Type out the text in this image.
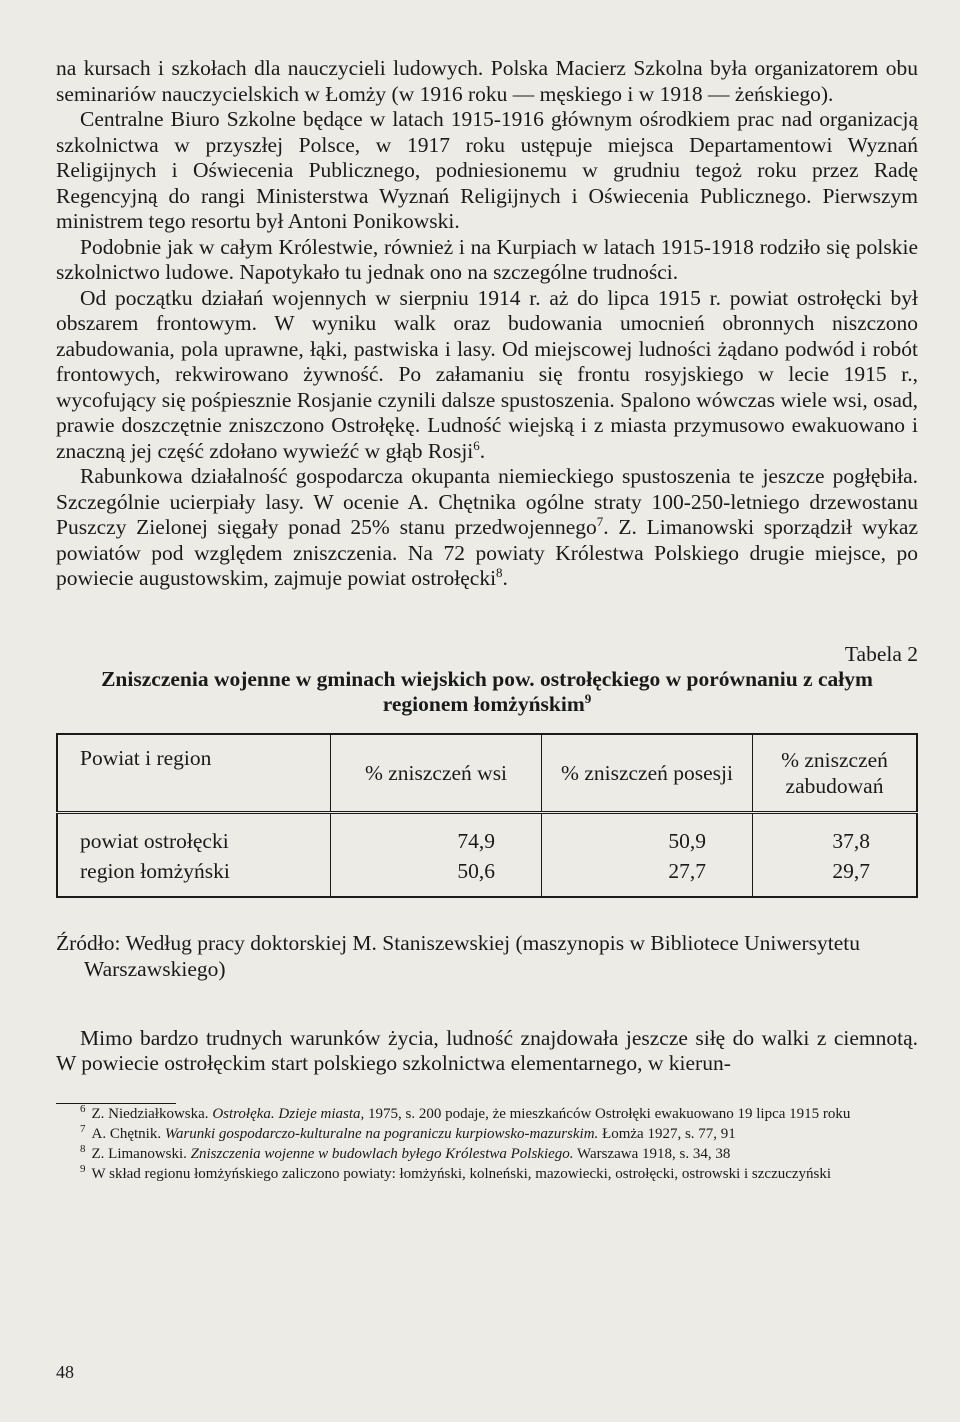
na kursach i szkołach dla nauczycieli ludowych. Polska Macierz Szkolna była organizatorem obu seminariów nauczycielskich w Łomży (w 1916 roku — męskiego i w 1918 — żeńskiego).

Centralne Biuro Szkolne będące w latach 1915-1916 głównym ośrodkiem prac nad organizacją szkolnictwa w przyszłej Polsce, w 1917 roku ustępuje miejsca Departamentowi Wyznań Religijnych i Oświecenia Publicznego, podniesionemu w grudniu tegoż roku przez Radę Regencyjną do rangi Ministerstwa Wyznań Religijnych i Oświecenia Publicznego. Pierwszym ministrem tego resortu był Antoni Ponikowski.

Podobnie jak w całym Królestwie, również i na Kurpiach w latach 1915-1918 rodziło się polskie szkolnictwo ludowe. Napotykało tu jednak ono na szczególne trudności.

Od początku działań wojennych w sierpniu 1914 r. aż do lipca 1915 r. powiat ostrołęcki był obszarem frontowym. W wyniku walk oraz budowania umocnień obronnych niszczono zabudowania, pola uprawne, łąki, pastwiska i lasy. Od miejscowej ludności żądano podwód i robót frontowych, rekwirowano żywność. Po załamaniu się frontu rosyjskiego w lecie 1915 r., wycofujący się pośpiesznie Rosjanie czynili dalsze spustoszenia. Spalono wówczas wiele wsi, osad, prawie doszczętnie zniszczono Ostrołękę. Ludność wiejską i z miasta przymusowo ewakuowano i znaczną jej część zdołano wywieźć w głąb Rosji$^6$.

Rabunkowa działalność gospodarcza okupanta niemieckiego spustoszenia te jeszcze pogłębiła. Szczególnie ucierpiały lasy. W ocenie A. Chętnika ogólne straty 100-250-letniego drzewostanu Puszczy Zielonej sięgały ponad 25% stanu przedwojennego$^7$. Z. Limanowski sporządził wykaz powiatów pod względem zniszczenia. Na 72 powiaty Królestwa Polskiego drugie miejsce, po powiecie augustowskim, zajmuje powiat ostrołęcki$^8$.

Tabela 2
Zniszczenia wojenne w gminach wiejskich pow. ostrołęckiego w porównaniu z całym regionem łomżyńskim$^9$
Powiat i region	% zniszczeń wsi	% zniszczeń posesji	% zniszczeń zabudowań
powiat ostrołęcki	74,9	50,9	37,8
region łomżyński	50,6	27,7	29,7
Źródło: Według pracy doktorskiej M. Staniszewskiej (maszynopis w Bibliotece Uniwersytetu Warszawskiego)

Mimo bardzo trudnych warunków życia, ludność znajdowała jeszcze siłę do walki z ciemnotą. W powiecie ostrołęckim start polskiego szkolnictwa elementarnego, w kierun-

$^6$ Z. Niedziałkowska. Ostrołęka. Dzieje miasta, 1975, s. 200 podaje, że mieszkańców Ostrołęki ewakuowano 19 lipca 1915 roku

$^7$ A. Chętnik. Warunki gospodarczo-kulturalne na pograniczu kurpiowsko-mazurskim. Łomża 1927, s. 77, 91

$^8$ Z. Limanowski. Zniszczenia wojenne w budowlach byłego Królestwa Polskiego. Warszawa 1918, s. 34, 38

$^9$ W skład regionu łomżyńskiego zaliczono powiaty: łomżyński, kolneński, mazowiecki, ostrołęcki, ostrowski i szczuczyński

48
